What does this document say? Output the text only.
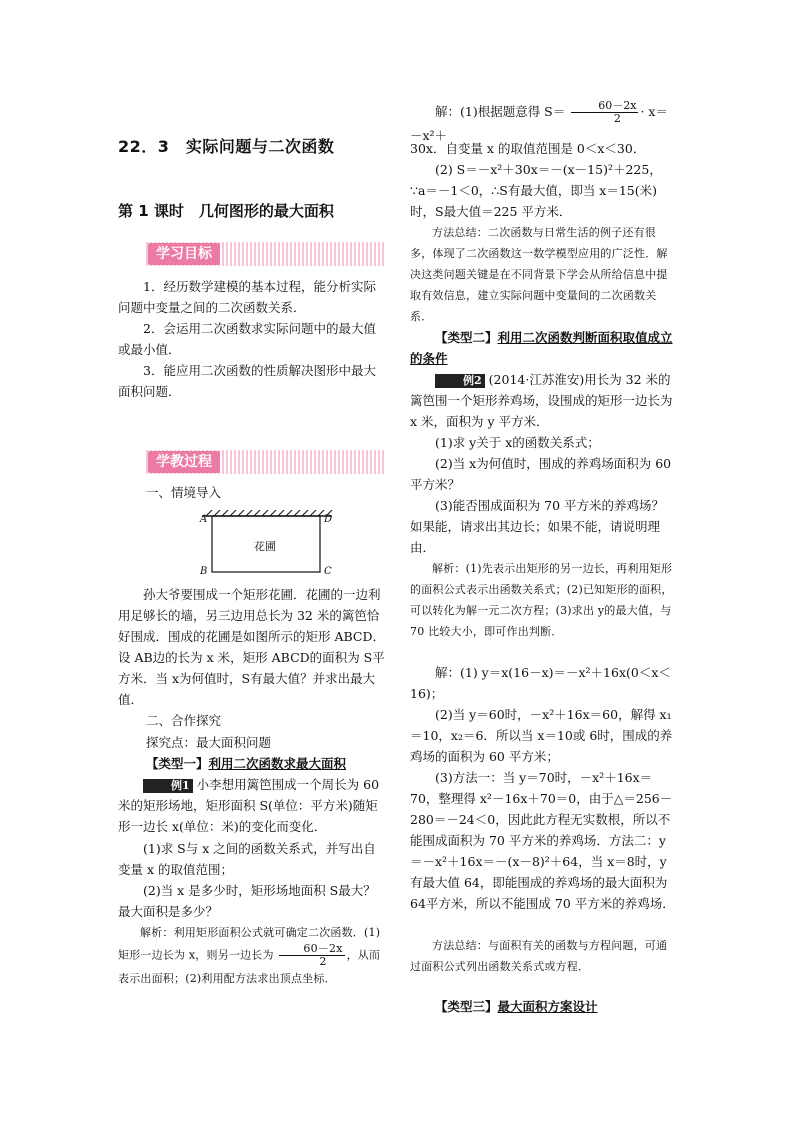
22．3　实际问题与二次函数
第 1 课时　几何图形的最大面积
学习目标

1．经历数学建模的基本过程，能分析实际问题中变量之间的二次函数关系．

2．会运用二次函数求实际问题中的最大值或最小值．

3．能应用二次函数的性质解决图形中最大面积问题．

学教过程

一、情境导入

A	D
B	C
花圃

孙大爷要围成一个矩形花圃．花圃的一边利用足够长的墙，另三边用总长为 32 米的篱笆恰好围成．围成的花圃是如图所示的矩形 ABCD．设 AB边的长为 x 米，矩形 ABCD的面积为 S平方米．当 x为何值时，S有最大值？并求出最大值．

二、合作探究

探究点：最大面积问题

【类型一】利用二次函数求最大面积

例1 小李想用篱笆围成一个周长为 60 米的矩形场地，矩形面积 S(单位：平方米)随矩形一边长 x(单位：米)的变化而变化．

(1)求 S与 x 之间的函数关系式，并写出自变量 x 的取值范围；

(2)当 x 是多少时，矩形场地面积 S最大？最大面积是多少？

解析：利用矩形面积公式就可确定二次函数．(1)矩形一边长为 x，则另一边长为 $\frac{60-2x}{2}$ ，从而表示出面积；(2)利用配方法求出顶点坐标．

解：(1)根据题意得 $S= \frac{60-2x}{2} \cdot x=-x^2+$

30x．自变量 x 的取值范围是 0＜x＜30．

(2) S＝－x²＋30x＝－(x－15)²＋225，

∵a＝－1＜0，∴S有最大值，即当 x＝15(米)时，S最大值＝225 平方米．

方法总结：二次函数与日常生活的例子还有很多，体现了二次函数这一数学模型应用的广泛性．解决这类问题关键是在不同背景下学会从所给信息中提取有效信息，建立实际问题中变量间的二次函数关系．

【类型二】利用二次函数判断面积取值成立的条件

例2 (2014·江苏淮安)用长为 32 米的篱笆围一个矩形养鸡场，设围成的矩形一边长为 x 米，面积为 y 平方米．

(1)求 y关于 x的函数关系式；

(2)当 x为何值时，围成的养鸡场面积为 60 平方米？

(3)能否围成面积为 70 平方米的养鸡场？如果能，请求出其边长；如果不能，请说明理由．

解析：(1)先表示出矩形的另一边长，再利用矩形的面积公式表示出函数关系式；(2)已知矩形的面积，可以转化为解一元二次方程；(3)求出 y的最大值，与 70 比较大小，即可作出判断．

解：(1) y＝x(16－x)＝－x²＋16x(0＜x＜16)；

(2)当 y＝60时，－x²＋16x＝60，解得 x₁＝10，x₂＝6．所以当 x＝10或 6时，围成的养鸡场的面积为 60 平方米；

(3)方法一：当 y＝70时，－x²＋16x＝70，整理得 x²－16x＋70＝0，由于△＝256－280＝－24＜0，因此此方程无实数根，所以不能围成面积为 70 平方米的养鸡场．方法二：y＝－x²＋16x＝－(x－8)²＋64，当 x＝8时，y有最大值 64，即能围成的养鸡场的最大面积为 64平方米，所以不能围成 70 平方米的养鸡场．

方法总结：与面积有关的函数与方程问题，可通过面积公式列出函数关系式或方程．

【类型三】最大面积方案设计
